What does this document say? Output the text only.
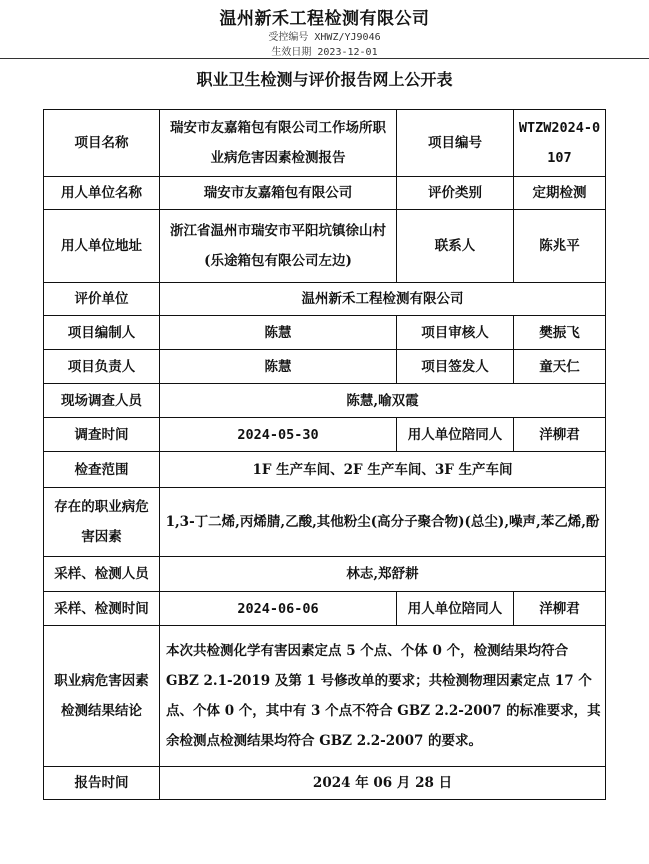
温州新禾工程检测有限公司
受控编号 XHWZ/YJ9046
生效日期 2023-12-01
职业卫生检测与评价报告网上公开表
项目名称	瑞安市友嘉箱包有限公司工作场所职业病危害因素检测报告	项目编号	WTZW2024-0107
用人单位名称	瑞安市友嘉箱包有限公司	评价类别	定期检测
用人单位地址	浙江省温州市瑞安市平阳坑镇徐山村(乐途箱包有限公司左边)	联系人	陈兆平
评价单位	温州新禾工程检测有限公司		
项目编制人	陈慧	项目审核人	樊振飞
项目负责人	陈慧	项目签发人	童天仁
现场调查人员	陈慧,喻双霞		
调查时间	2024-05-30	用人单位陪同人	洋柳君
检查范围	1F 生产车间、2F 生产车间、3F 生产车间		
存在的职业病危害因素	1,3-丁二烯,丙烯腈,乙酸,其他粉尘(高分子聚合物)(总尘),噪声,苯乙烯,酚		
采样、检测人员	林志,郑舒耕		
采样、检测时间	2024-06-06	用人单位陪同人	洋柳君
职业病危害因素检测结果结论	本次共检测化学有害因素定点 5 个点、个体 0 个，检测结果均符合 GBZ 2.1-2019 及第 1 号修改单的要求；共检测物理因素定点 17 个点、个体 0 个，其中有 3 个点不符合 GBZ 2.2-2007 的标准要求，其余检测点检测结果均符合 GBZ 2.2-2007 的要求。		
报告时间	2024 年 06 月 28 日		
